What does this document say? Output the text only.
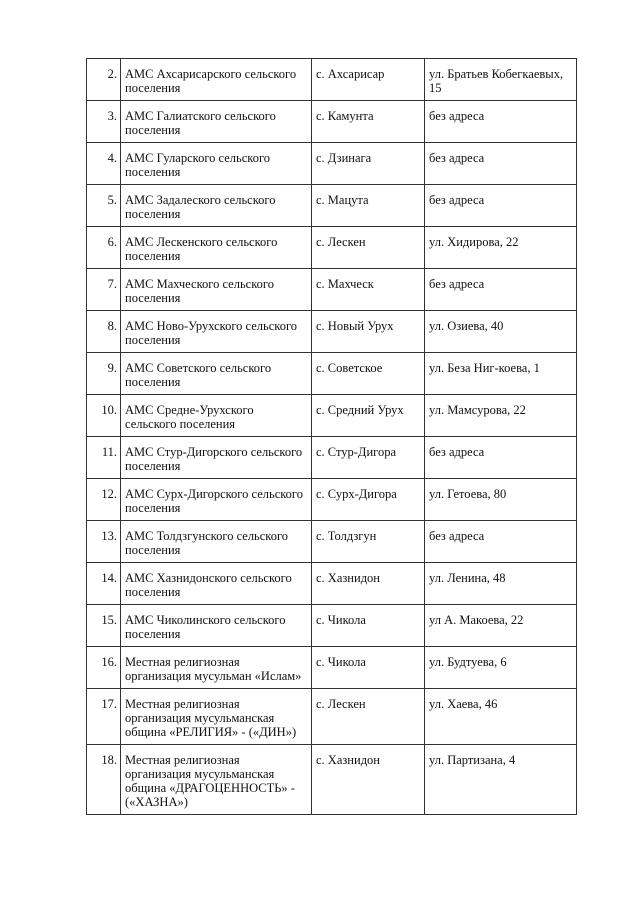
2.	АМС Ахсарисарского сельского поселения	с. Ахсарисар	ул. Братьев Кобегкаевых, 15
3.	АМС Галиатского сельского поселения	с. Камунта	без адреса
4.	АМС Гуларского сельского поселения	с. Дзинага	без адреса
5.	АМС Задалеского сельского поселения	с. Мацута	без адреса
6.	АМС Лескенского сельского поселения	с. Лескен	ул. Хидирова, 22
7.	АМС Махческого сельского поселения	с. Махческ	без адреса
8.	АМС Ново-Урухского сельского поселения	с. Новый Урух	ул. Озиева, 40
9.	АМС Советского сельского поселения	с. Советское	ул. Беза Ниг-коева, 1
10.	АМС Средне-Урухского сельского поселения	с. Средний Урух	ул. Мамсурова, 22
11.	АМС Стур-Дигорского сельского поселения	с. Стур-Дигора	без адреса
12.	АМС Сурх-Дигорского сельского поселения	с. Сурх-Дигора	ул. Гетоева, 80
13.	АМС Толдзгунского сельского поселения	с. Толдзгун	без адреса
14.	АМС Хазнидонского сельского поселения	с. Хазнидон	ул. Ленина, 48
15.	АМС Чиколинского сельского поселения	с. Чикола	ул А. Макоева, 22
16.	Местная религиозная организация мусульман «Ислам»	с. Чикола	ул. Будтуева, 6
17.	Местная религиозная организация мусульманская община «РЕЛИГИЯ» - («ДИН»)	с. Лескен	ул. Хаева, 46
18.	Местная религиозная организация мусульманская община «ДРАГОЦЕННОСТЬ» - («ХАЗНА»)	с. Хазнидон	ул. Партизана, 4
